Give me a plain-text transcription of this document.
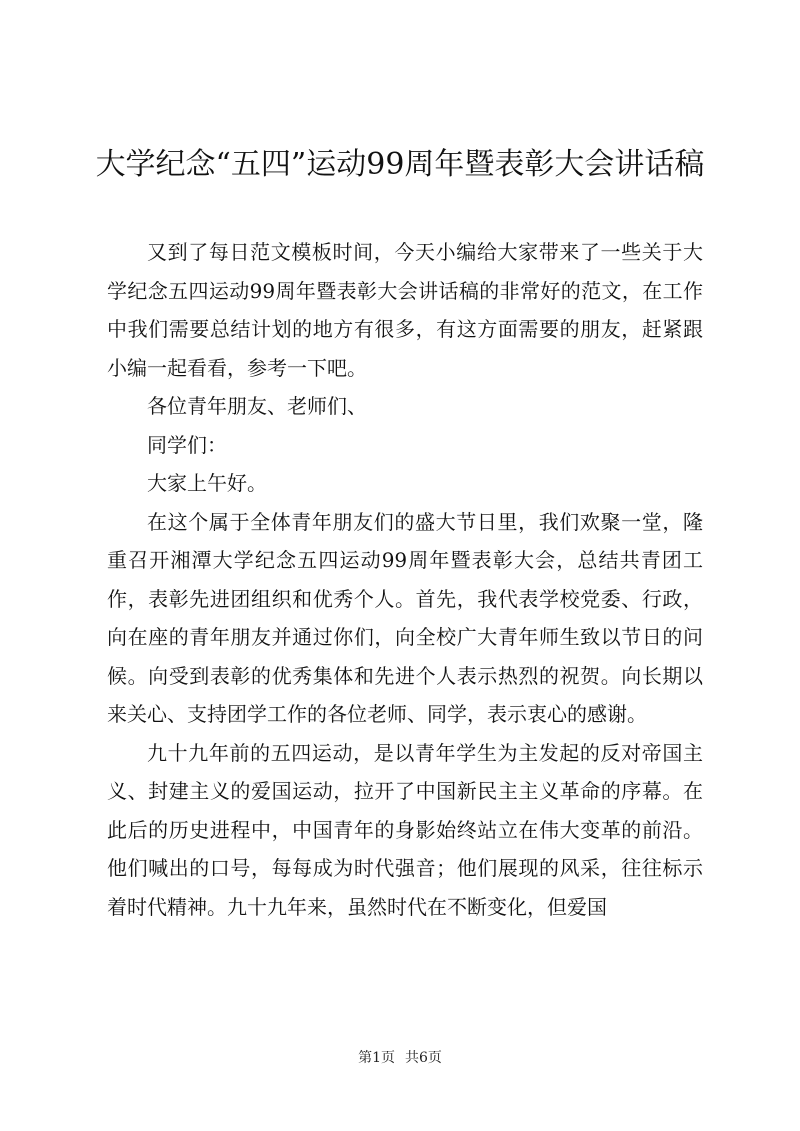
大学纪念“五四”运动99周年暨表彰大会讲话稿

又到了每日范文模板时间，今天小编给大家带来了一些关于大学纪念五四运动99周年暨表彰大会讲话稿的非常好的范文，在工作中我们需要总结计划的地方有很多，有这方面需要的朋友，赶紧跟小编一起看看，参考一下吧。

各位青年朋友、老师们、

同学们：

大家上午好。

在这个属于全体青年朋友们的盛大节日里，我们欢聚一堂，隆重召开湘潭大学纪念五四运动99周年暨表彰大会，总结共青团工作，表彰先进团组织和优秀个人。首先，我代表学校党委、行政，向在座的青年朋友并通过你们，向全校广大青年师生致以节日的问候。向受到表彰的优秀集体和先进个人表示热烈的祝贺。向长期以来关心、支持团学工作的各位老师、同学，表示衷心的感谢。

九十九年前的五四运动，是以青年学生为主发起的反对帝国主义、封建主义的爱国运动，拉开了中国新民主主义革命的序幕。在此后的历史进程中，中国青年的身影始终站立在伟大变革的前沿。他们喊出的口号，每每成为时代强音；他们展现的风采，往往标示着时代精神。九十九年来，虽然时代在不断变化，但爱国

第1页 共6页
